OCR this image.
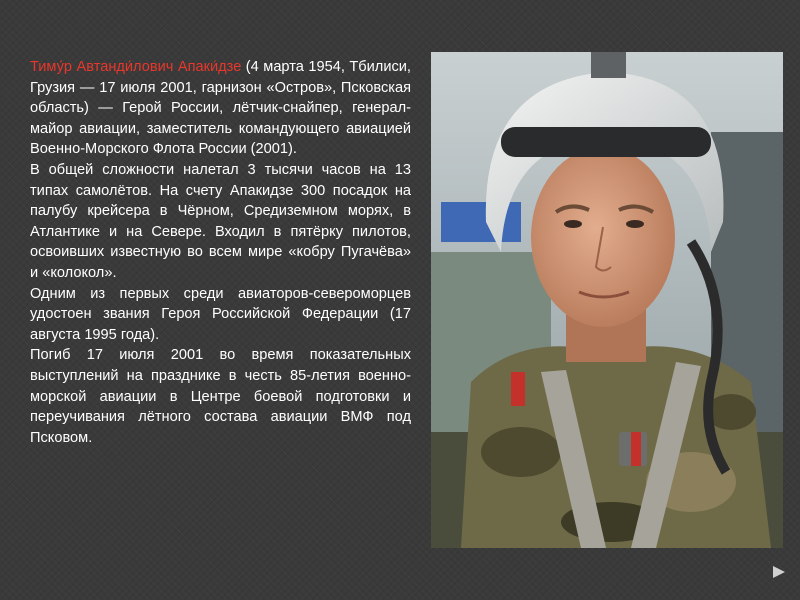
Тиму́р Автанди́лович Апаки́дзе (4 марта 1954, Тбилиси, Грузия — 17 июля 2001, гарнизон «Остров», Псковская область) — Герой России, лётчик-снайпер, генерал-майор авиации, заместитель командующего авиацией Военно-Морского Флота России (2001).

В общей сложности налетал 3 тысячи часов на 13 типах самолётов. На счету Апакидзе 300 посадок на палубу крейсера в Чёрном, Средиземном морях, в Атлантике и на Севере. Входил в пятёрку пилотов, освоивших известную во всем мире «кобру Пугачёва» и «колокол».

Одним из первых среди авиаторов-североморцев удостоен звания Героя Российской Федерации (17 августа 1995 года).

Погиб 17 июля 2001 во время показательных выступлений на празднике в честь 85-летия военно-морской авиации в Центре боевой подготовки и переучивания лётного состава авиации ВМФ под Псковом.
